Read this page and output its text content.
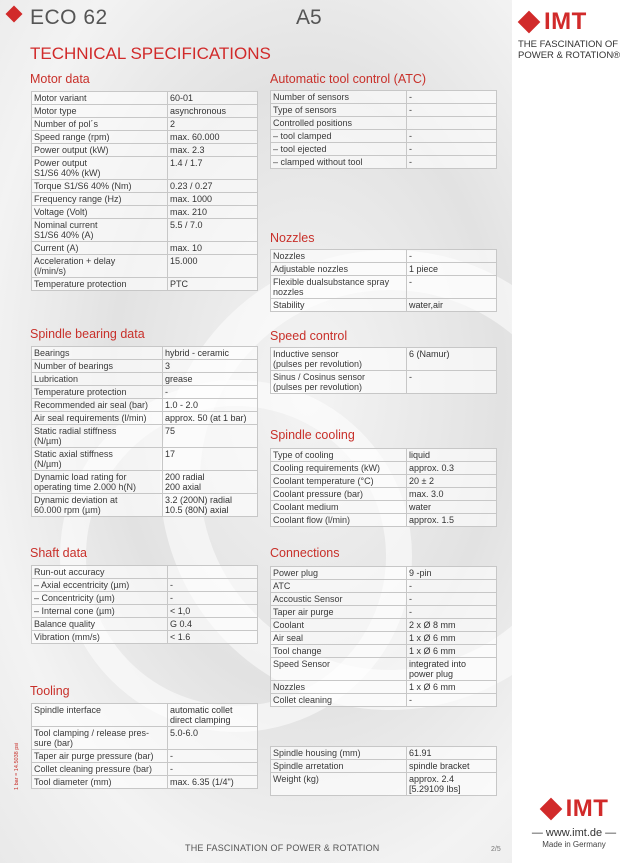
ECO 62	A5
TECHNICAL SPECIFICATIONS
Motor data
Motor variant	60-01
Motor type	asynchronous
Number of pol´s	2
Speed range (rpm)	max. 60.000
Power output (kW)	max. 2.3
Power output
S1/S6 40% (kW)	1.4 / 1.7
Torque S1/S6 40% (Nm)	0.23 / 0.27
Frequency range (Hz)	max. 1000
Voltage (Volt)	max. 210
Nominal current
S1/S6 40% (A)	5.5 / 7.0
Current (A)	max. 10
Acceleration + delay
(l/min/s)	15.000
Temperature protection	PTC
Spindle bearing data
Bearings	hybrid - ceramic
Number of bearings	3
Lubrication	grease
Temperature protection	-
Recommended air seal (bar)	1.0 - 2.0
Air seal requirements (l/min)	approx. 50 (at 1 bar)
Static radial stiffness
(N/µm)	75
Static axial stiffness
(N/µm)	17
Dynamic load rating for
operating time 2.000 h(N)	200 radial
200 axial
Dynamic deviation at
60.000 rpm (µm)	3.2 (200N) radial
10.5 (80N) axial
Shaft data
Run-out accuracy	
– Axial eccentricity (µm)	-
– Concentricity (µm)	-
– Internal cone (µm)	< 1,0
Balance quality	G 0.4
Vibration (mm/s)	< 1.6
Tooling
Spindle interface	automatic collet
direct clamping
Tool clamping / release pres-
sure (bar)	5.0-6.0
Taper air purge pressure (bar)	-
Collet cleaning pressure (bar)	-
Tool diameter (mm)	max. 6.35 (1/4")
Automatic tool control (ATC)
Number of sensors	-
Type of sensors	-
Controlled positions	
– tool clamped	-
– tool ejected	-
– clamped without tool	-
Nozzles
Nozzles	-
Adjustable nozzles	1 piece
Flexible dualsubstance spray
nozzles	-
Stability	water,air
Speed control
Inductive sensor
(pulses per revolution)	6 (Namur)
Sinus / Cosinus sensor
(pulses per revolution)	-
Spindle cooling
Type of cooling	liquid
Cooling requirements (kW)	approx. 0.3
Coolant temperature (°C)	20 ± 2
Coolant pressure (bar)	max. 3.0
Coolant medium	water
Coolant flow (l/min)	approx. 1.5
Connections
Power plug	9 -pin
ATC	-
Accoustic Sensor	-
Taper air purge	-
Coolant	2 x Ø 8 mm
Air seal	1 x Ø 6 mm
Tool change	1 x Ø 6 mm
Speed Sensor	integrated into
power plug
Nozzles	1 x Ø 6 mm
Collet cleaning	-
Spindle housing (mm)	61.91
Spindle arretation	spindle bracket
Weight (kg)	approx. 2.4
[5.29109 lbs]
IMT
THE FASCINATION OF
POWER & ROTATION®
IMT
— www.imt.de —
Made in Germany
THE FASCINATION OF POWER & ROTATION	2/5
1 bar = 14.5038 psi
